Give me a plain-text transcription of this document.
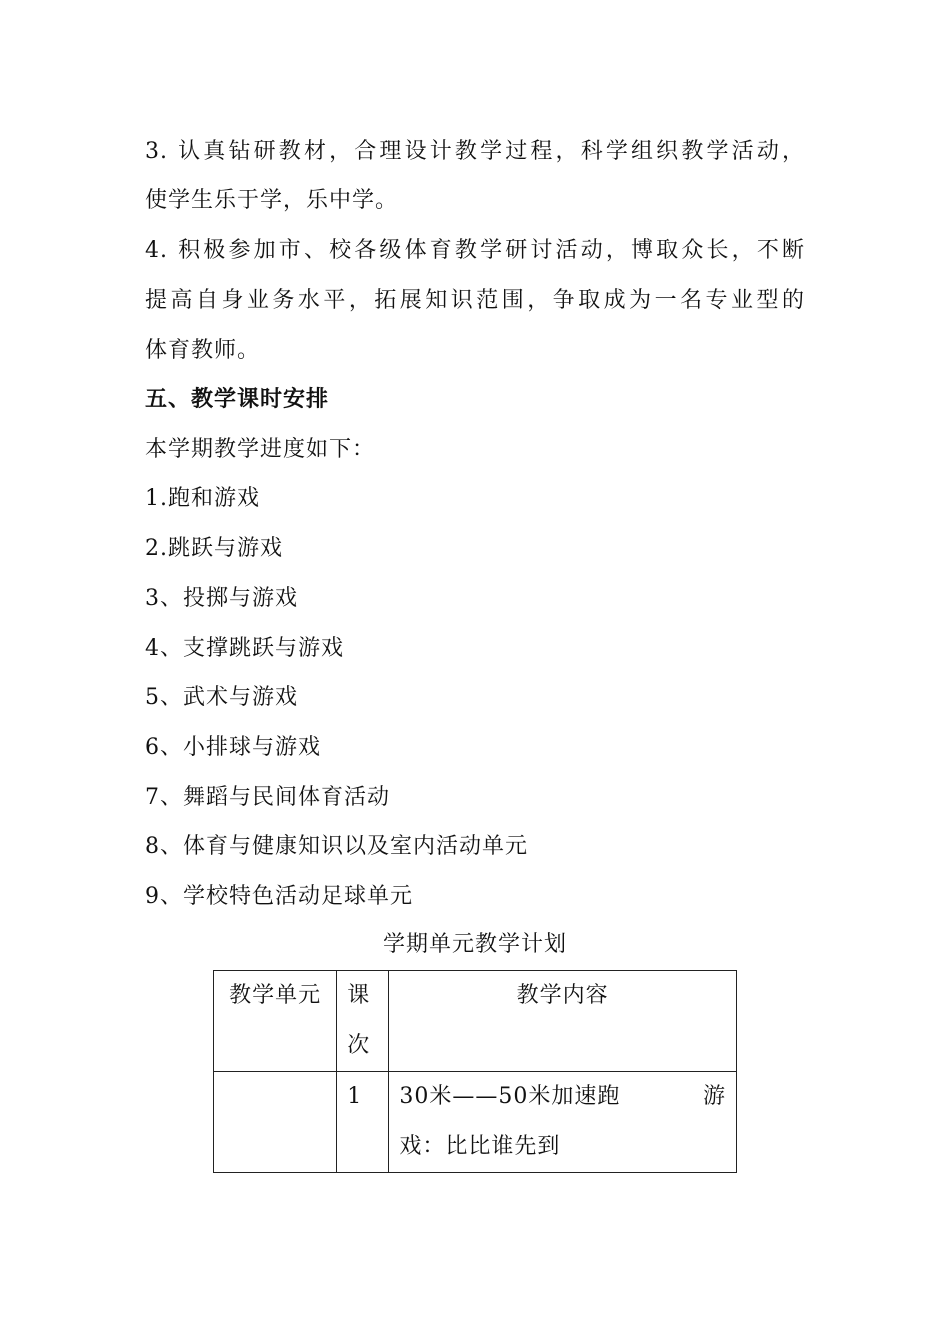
3. 认真钻研教材，合理设计教学过程，科学组织教学活动，
使学生乐于学，乐中学。
4. 积极参加市、校各级体育教学研讨活动，博取众长，不断
提高自身业务水平，拓展知识范围，争取成为一名专业型的
体育教师。
五、教学课时安排
本学期教学进度如下：
1.跑和游戏
2.跳跃与游戏
3、投掷与游戏
4、支撑跳跃与游戏
5、武术与游戏
6、小排球与游戏
7、舞蹈与民间体育活动
8、体育与健康知识以及室内活动单元
9、学校特色活动足球单元
学期单元教学计划
教学单元	课次	教学内容
	1	30米——50米加速跑 游
戏：比比谁先到
